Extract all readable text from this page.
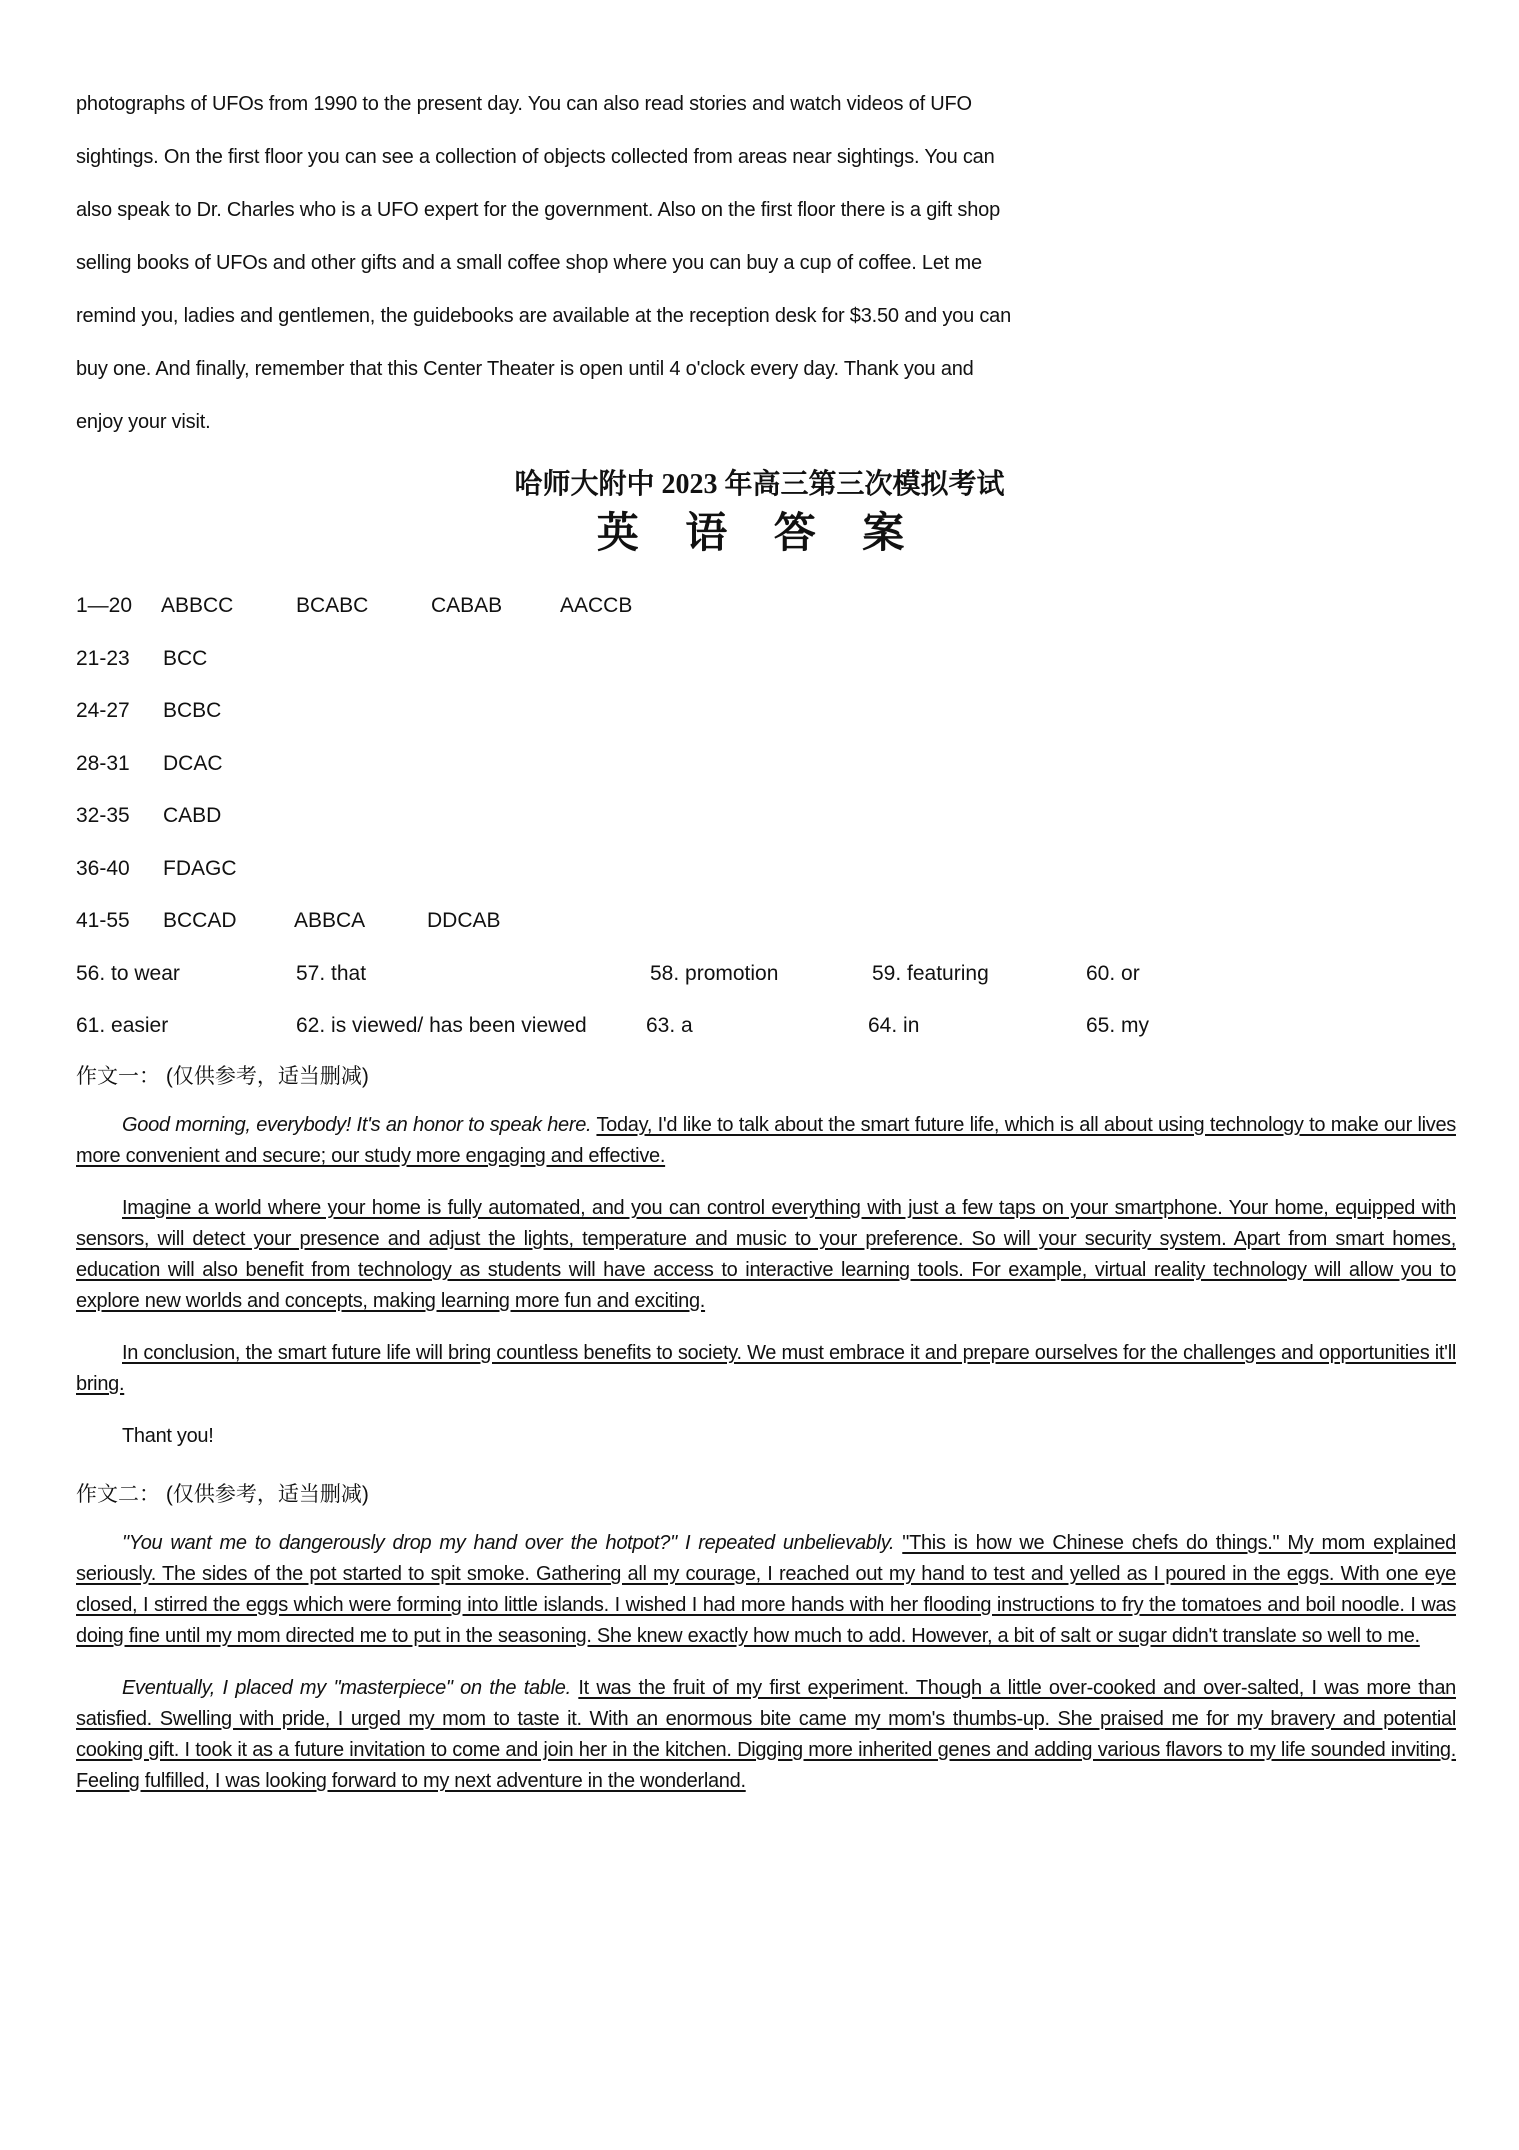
photographs of UFOs from 1990 to the present day. You can also read stories and watch videos of UFO

sightings. On the first floor you can see a collection of objects collected from areas near sightings. You can

also speak to Dr. Charles who is a UFO expert for the government. Also on the first floor there is a gift shop

selling books of UFOs and other gifts and a small coffee shop where you can buy a cup of coffee. Let me

remind you, ladies and gentlemen, the guidebooks are available at the reception desk for $3.50 and you can

buy one. And finally, remember that this Center Theater is open until 4 o'clock every day. Thank you and

enjoy your visit.

哈师大附中 2023 年高三第三次模拟考试
英 语 答 案
1—20 ABBCC	BCABC	CABAB	AACCB
21-23 BCC
24-27 BCBC
28-31 DCAC
32-35 CABD
36-40 FDAGC
41-55 BCCAD	ABBCA	DDCAB
56. to wear	57. that	58. promotion	59. featuring	60. or
61. easier	62. is viewed/ has been viewed	63. a	64. in	65. my
作文一： (仅供参考，适当删减)

Good morning, everybody! It's an honor to speak here. Today, I'd like to talk about the smart future life, which is all about using technology to make our lives more convenient and secure; our study more engaging and effective.

Imagine a world where your home is fully automated, and you can control everything with just a few taps on your smartphone. Your home, equipped with sensors, will detect your presence and adjust the lights, temperature and music to your preference. So will your security system. Apart from smart homes, education will also benefit from technology as students will have access to interactive learning tools. For example, virtual reality technology will allow you to explore new worlds and concepts, making learning more fun and exciting.

In conclusion, the smart future life will bring countless benefits to society. We must embrace it and prepare ourselves for the challenges and opportunities it'll bring.

Thant you!

作文二： (仅供参考，适当删减)

"You want me to dangerously drop my hand over the hotpot?" I repeated unbelievably. "This is how we Chinese chefs do things." My mom explained seriously. The sides of the pot started to spit smoke. Gathering all my courage, I reached out my hand to test and yelled as I poured in the eggs. With one eye closed, I stirred the eggs which were forming into little islands. I wished I had more hands with her flooding instructions to fry the tomatoes and boil noodle. I was doing fine until my mom directed me to put in the seasoning. She knew exactly how much to add. However, a bit of salt or sugar didn't translate so well to me.

Eventually, I placed my "masterpiece" on the table. It was the fruit of my first experiment. Though a little over-cooked and over-salted, I was more than satisfied. Swelling with pride, I urged my mom to taste it. With an enormous bite came my mom's thumbs-up. She praised me for my bravery and potential cooking gift. I took it as a future invitation to come and join her in the kitchen. Digging more inherited genes and adding various flavors to my life sounded inviting. Feeling fulfilled, I was looking forward to my next adventure in the wonderland.
